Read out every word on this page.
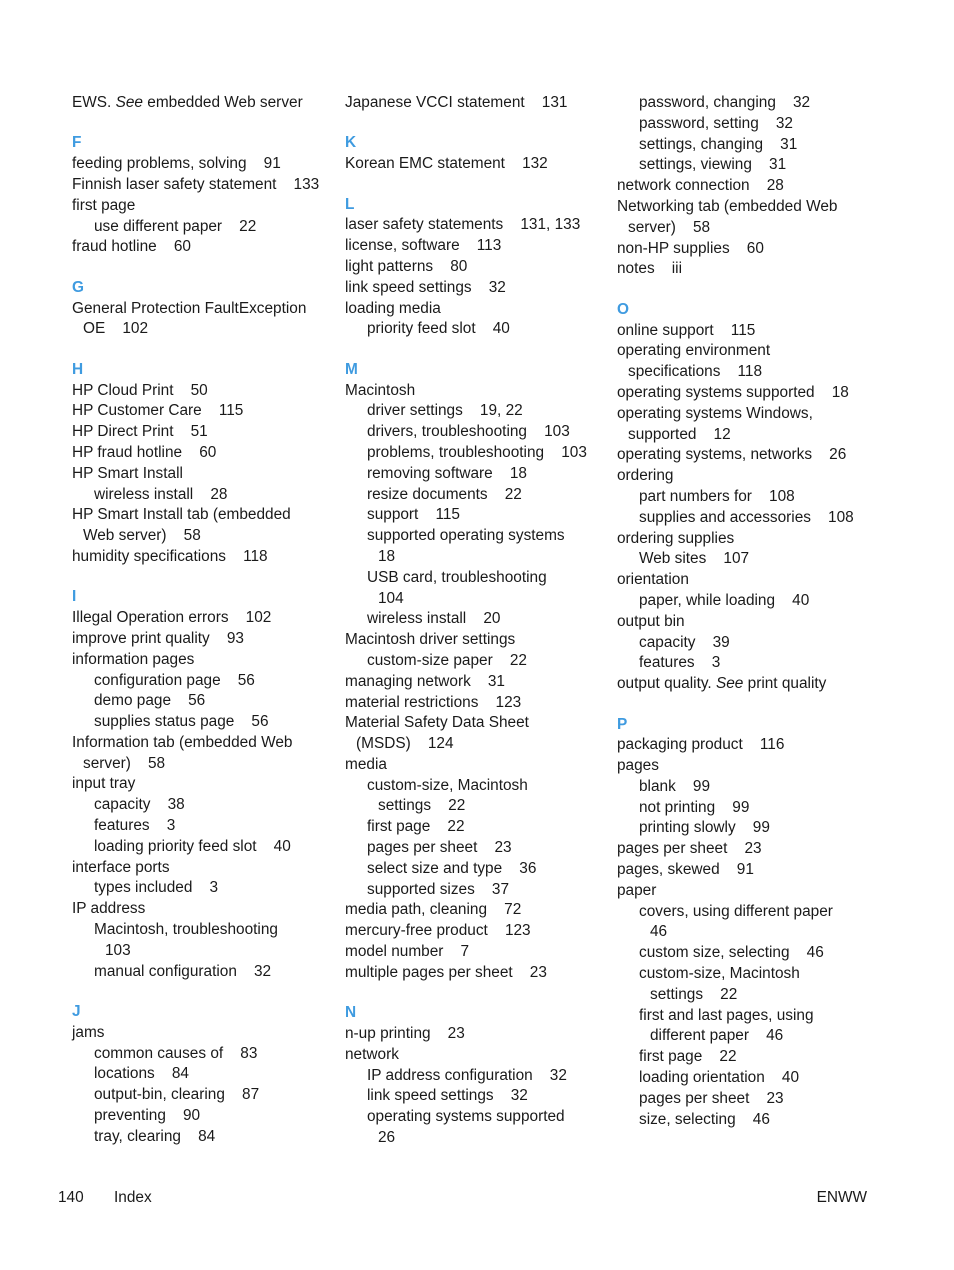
EWS. See embedded Web server
F
feeding problems, solving    91
Finnish laser safety statement    133
first page
use different paper    22
fraud hotline    60
G
General Protection FaultException
OE    102
H
HP Cloud Print    50
HP Customer Care    115
HP Direct Print    51
HP fraud hotline    60
HP Smart Install
wireless install    28
HP Smart Install tab (embedded
Web server)    58
humidity specifications    118
I
Illegal Operation errors    102
improve print quality    93
information pages
configuration page    56
demo page    56
supplies status page    56
Information tab (embedded Web
server)    58
input tray
capacity    38
features    3
loading priority feed slot    40
interface ports
types included    3
IP address
Macintosh, troubleshooting
103
manual configuration    32
J
jams
common causes of    83
locations    84
output-bin, clearing    87
preventing    90
tray, clearing    84
Japanese VCCI statement    131
K
Korean EMC statement    132
L
laser safety statements    131, 133
license, software    113
light patterns    80
link speed settings    32
loading media
priority feed slot    40
M
Macintosh
driver settings    19, 22
drivers, troubleshooting    103
problems, troubleshooting    103
removing software    18
resize documents    22
support    115
supported operating systems
18
USB card, troubleshooting
104
wireless install    20
Macintosh driver settings
custom-size paper    22
managing network    31
material restrictions    123
Material Safety Data Sheet
(MSDS)    124
media
custom-size, Macintosh
settings    22
first page    22
pages per sheet    23
select size and type    36
supported sizes    37
media path, cleaning    72
mercury-free product    123
model number    7
multiple pages per sheet    23
N
n-up printing    23
network
IP address configuration    32
link speed settings    32
operating systems supported
26
password, changing    32
password, setting    32
settings, changing    31
settings, viewing    31
network connection    28
Networking tab (embedded Web
server)    58
non-HP supplies    60
notes    iii
O
online support    115
operating environment
specifications    118
operating systems supported    18
operating systems Windows,
supported    12
operating systems, networks    26
ordering
part numbers for    108
supplies and accessories    108
ordering supplies
Web sites    107
orientation
paper, while loading    40
output bin
capacity    39
features    3
output quality. See print quality
P
packaging product    116
pages
blank    99
not printing    99
printing slowly    99
pages per sheet    23
pages, skewed    91
paper
covers, using different paper
46
custom size, selecting    46
custom-size, Macintosh
settings    22
first and last pages, using
different paper    46
first page    22
loading orientation    40
pages per sheet    23
size, selecting    46
140 Index	ENWW
